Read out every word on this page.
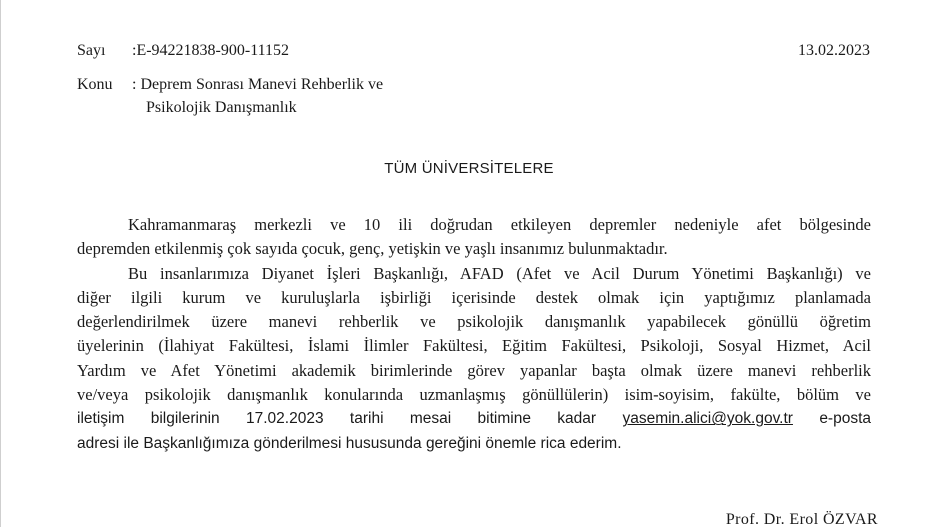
Sayı :E-94221838-900-11152	13.02.2023
Konu : Deprem Sonrası Manevi Rehberlik ve
Psikolojik Danışmanlık
TÜM ÜNİVERSİTELERE
Kahramanmaraş merkezli ve 10 ili doğrudan etkileyen depremler nedeniyle afet bölgesinde
depremden etkilenmiş çok sayıda çocuk, genç, yetişkin ve yaşlı insanımız bulunmaktadır.
Bu insanlarımıza Diyanet İşleri Başkanlığı, AFAD (Afet ve Acil Durum Yönetimi Başkanlığı) ve
diğer ilgili kurum ve kuruluşlarla işbirliği içerisinde destek olmak için yaptığımız planlamada
değerlendirilmek üzere manevi rehberlik ve psikolojik danışmanlık yapabilecek gönüllü öğretim
üyelerinin (İlahiyat Fakültesi, İslami İlimler Fakültesi, Eğitim Fakültesi, Psikoloji, Sosyal Hizmet, Acil
Yardım ve Afet Yönetimi akademik birimlerinde görev yapanlar başta olmak üzere manevi rehberlik
ve/veya psikolojik danışmanlık konularında uzmanlaşmış gönüllülerin) isim-soyisim, fakülte, bölüm ve
iletişim bilgilerinin 17.02.2023 tarihi mesai bitimine kadar yasemin.alici@yok.gov.tr e-posta
adresi ile Başkanlığımıza gönderilmesi hususunda gereğini önemle rica ederim.
Prof. Dr. Erol ÖZVAR
